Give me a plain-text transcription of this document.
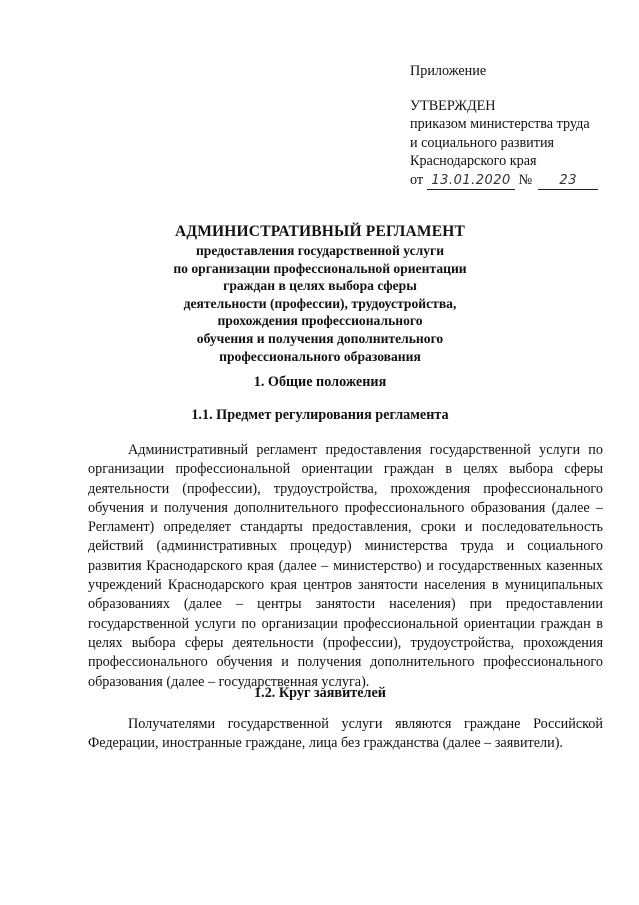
Приложение
УТВЕРЖДЕН
приказом министерства труда
и социального развития
Краснодарского края
от 13.01.2020 № 23
АДМИНИСТРАТИВНЫЙ РЕГЛАМЕНТ
предоставления государственной услуги
по организации профессиональной ориентации
граждан в целях выбора сферы
деятельности (профессии), трудоустройства,
прохождения профессионального
обучения и получения дополнительного
профессионального образования
1. Общие положения
1.1. Предмет регулирования регламента
Административный регламент предоставления государственной услуги по организации профессиональной ориентации граждан в целях выбора сферы деятельности (профессии), трудоустройства, прохождения профессионального обучения и получения дополнительного профессионального образования (далее – Регламент) определяет стандарты предоставления, сроки и последовательность действий (административных процедур) министерства труда и социального развития Краснодарского края (далее – министерство) и государственных казенных учреждений Краснодарского края центров занятости населения в муниципальных образованиях (далее – центры занятости населения) при предоставлении государственной услуги по организации профессиональной ориентации граждан в целях выбора сферы деятельности (профессии), трудоустройства, прохождения профессионального обучения и получения дополнительного профессионального образования (далее – государственная услуга).
1.2. Круг заявителей
Получателями государственной услуги являются граждане Российской Федерации, иностранные граждане, лица без гражданства (далее – заявители).
